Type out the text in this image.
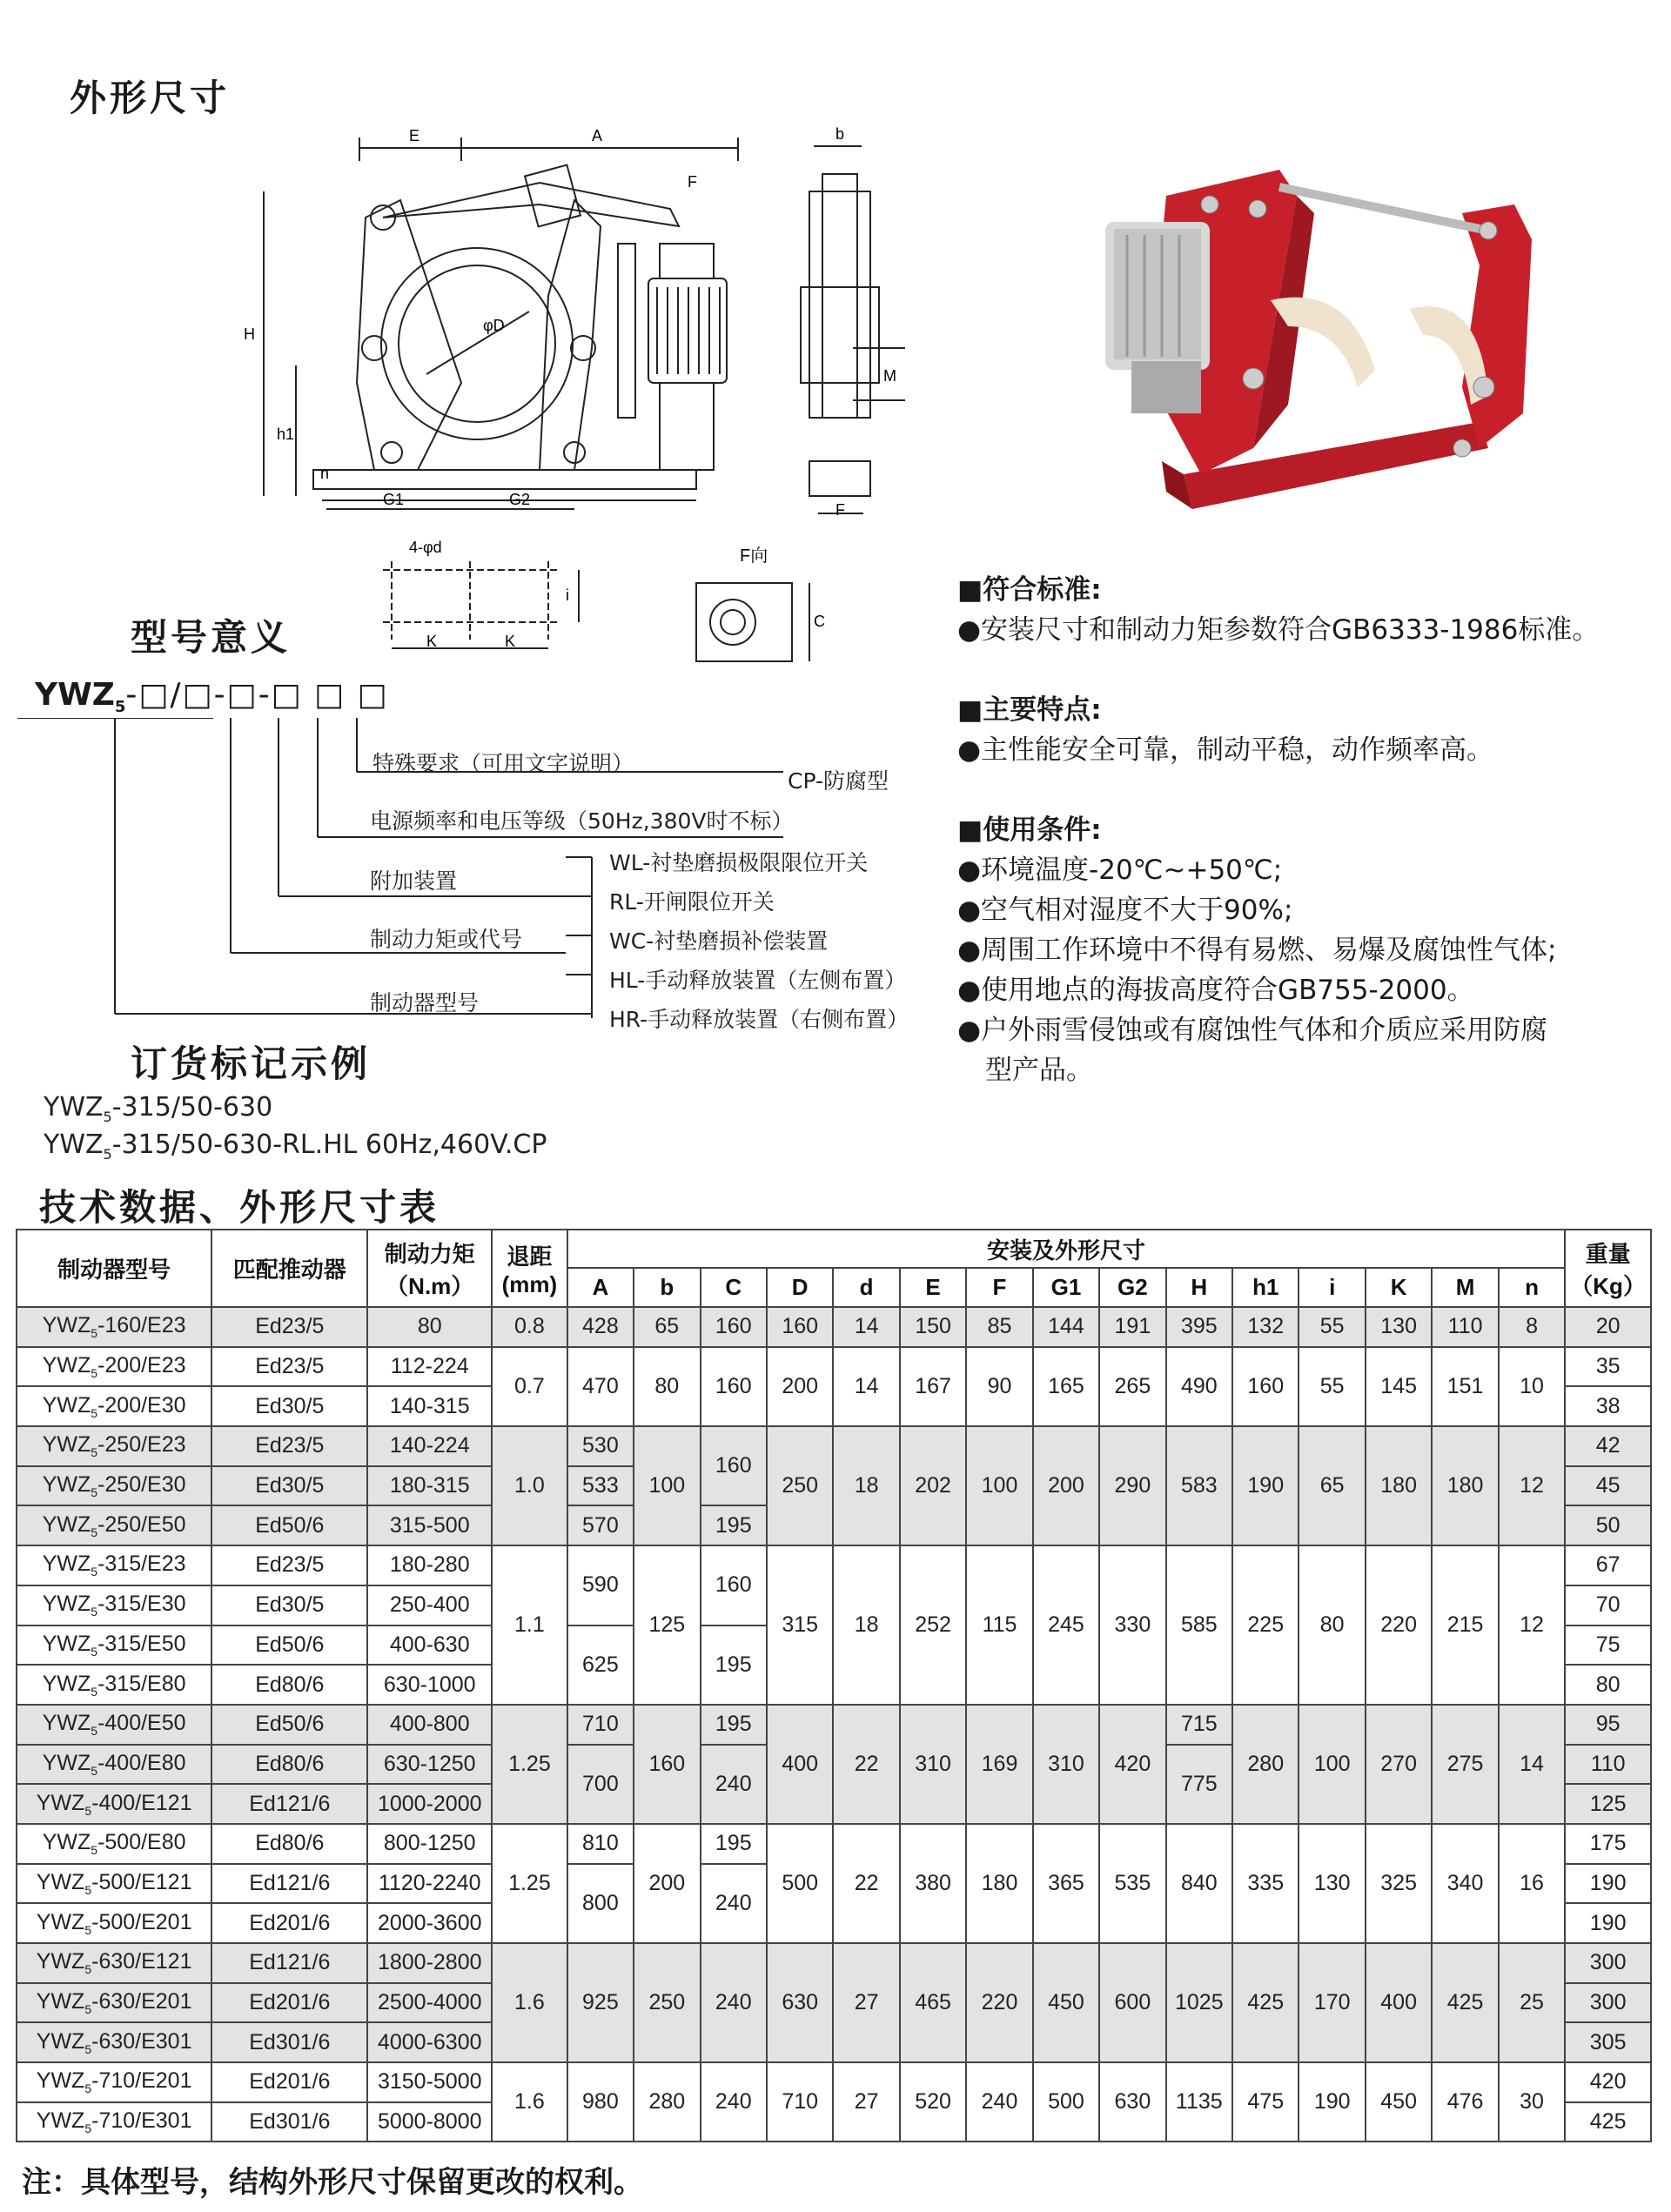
外形尺寸
E	A
F
H
h1
n
G1	G2
φD
b
M
F
4-φd
K	K
i
F向
C
型号意义
$YWZ_5-□/□-□-□$ □ □
特殊要求（可用文字说明）
CP-防腐型
电源频率和电压等级（50Hz,380V时不标）
附加装置
制动力矩或代号
制动器型号
WL-衬垫磨损极限限位开关
RL-开闸限位开关
WC-衬垫磨损补偿装置
HL-手动释放装置（左侧布置）
HR-手动释放装置（右侧布置）
订货标记示例
$YWZ_5-315/50-630$
$YWZ_5-315/50-630-RL.HL$ 60Hz,460V.CP
■符合标准:
●安装尺寸和制动力矩参数符合GB6333-1986标准。
■主要特点:
●主性能安全可靠，制动平稳，动作频率高。
■使用条件:
●环境温度-20℃~+50℃;
●空气相对湿度不大于90%;
●周围工作环境中不得有易燃、易爆及腐蚀性气体;
●使用地点的海拔高度符合GB755-2000。
●户外雨雪侵蚀或有腐蚀性气体和介质应采用防腐
型产品。
技术数据、外形尺寸表
制动器型号	匹配推动器	制动力矩（N.m）	退距(mm)	安装及外形尺寸															重量（Kg）
				A	b	C	D	d	E	F	G1	G2	H	h1	i	K	M	n	
$YWZ_5-160/E23$	Ed23/5	80	0.8	428	65	160	160	14	150	85	144	191	395	132	55	130	110	8	20
$YWZ_5-200/E23$	Ed23/5	112-224	0.7	470	80	160	200	14	167	90	165	265	490	160	55	145	151	10	35
$YWZ_5-200/E30$	Ed30/5	140-315																	38
$YWZ_5-250/E23$	Ed23/5	140-224	1.0	530	100	160	250	18	202	100	200	290	583	190	65	180	180	12	42
$YWZ_5-250/E30$	Ed30/5	180-315		533															45
$YWZ_5-250/E50$	Ed50/6	315-500		570		195													50
$YWZ_5-315/E23$	Ed23/5	180-280	1.1	590	125	160	315	18	252	115	245	330	585	225	80	220	215	12	67
$YWZ_5-315/E30$	Ed30/5	250-400																	70
$YWZ_5-315/E50$	Ed50/6	400-630		625		195													75
$YWZ_5-315/E80$	Ed80/6	630-1000																	80
$YWZ_5-400/E50$	Ed50/6	400-800	1.25	710	160	195	400	22	310	169	310	420	715	280	100	270	275	14	95
$YWZ_5-400/E80$	Ed80/6	630-1250		700		240							775						110
$YWZ_5-400/E121$	Ed121/6	1000-2000																	125
$YWZ_5-500/E80$	Ed80/6	800-1250	1.25	810	200	195	500	22	380	180	365	535	840	335	130	325	340	16	175
$YWZ_5-500/E121$	Ed121/6	1120-2240		800		240													190
$YWZ_5-500/E201$	Ed201/6	2000-3600																	190
$YWZ_5-630/E121$	Ed121/6	1800-2800	1.6	925	250	240	630	27	465	220	450	600	1025	425	170	400	425	25	300
$YWZ_5-630/E201$	Ed201/6	2500-4000																	300
$YWZ_5-630/E301$	Ed301/6	4000-6300																	305
$YWZ_5-710/E201$	Ed201/6	3150-5000	1.6	980	280	240	710	27	520	240	500	630	1135	475	190	450	476	30	420
$YWZ_5-710/E301$	Ed301/6	5000-8000																	425
注：具体型号，结构外形尺寸保留更改的权利。
